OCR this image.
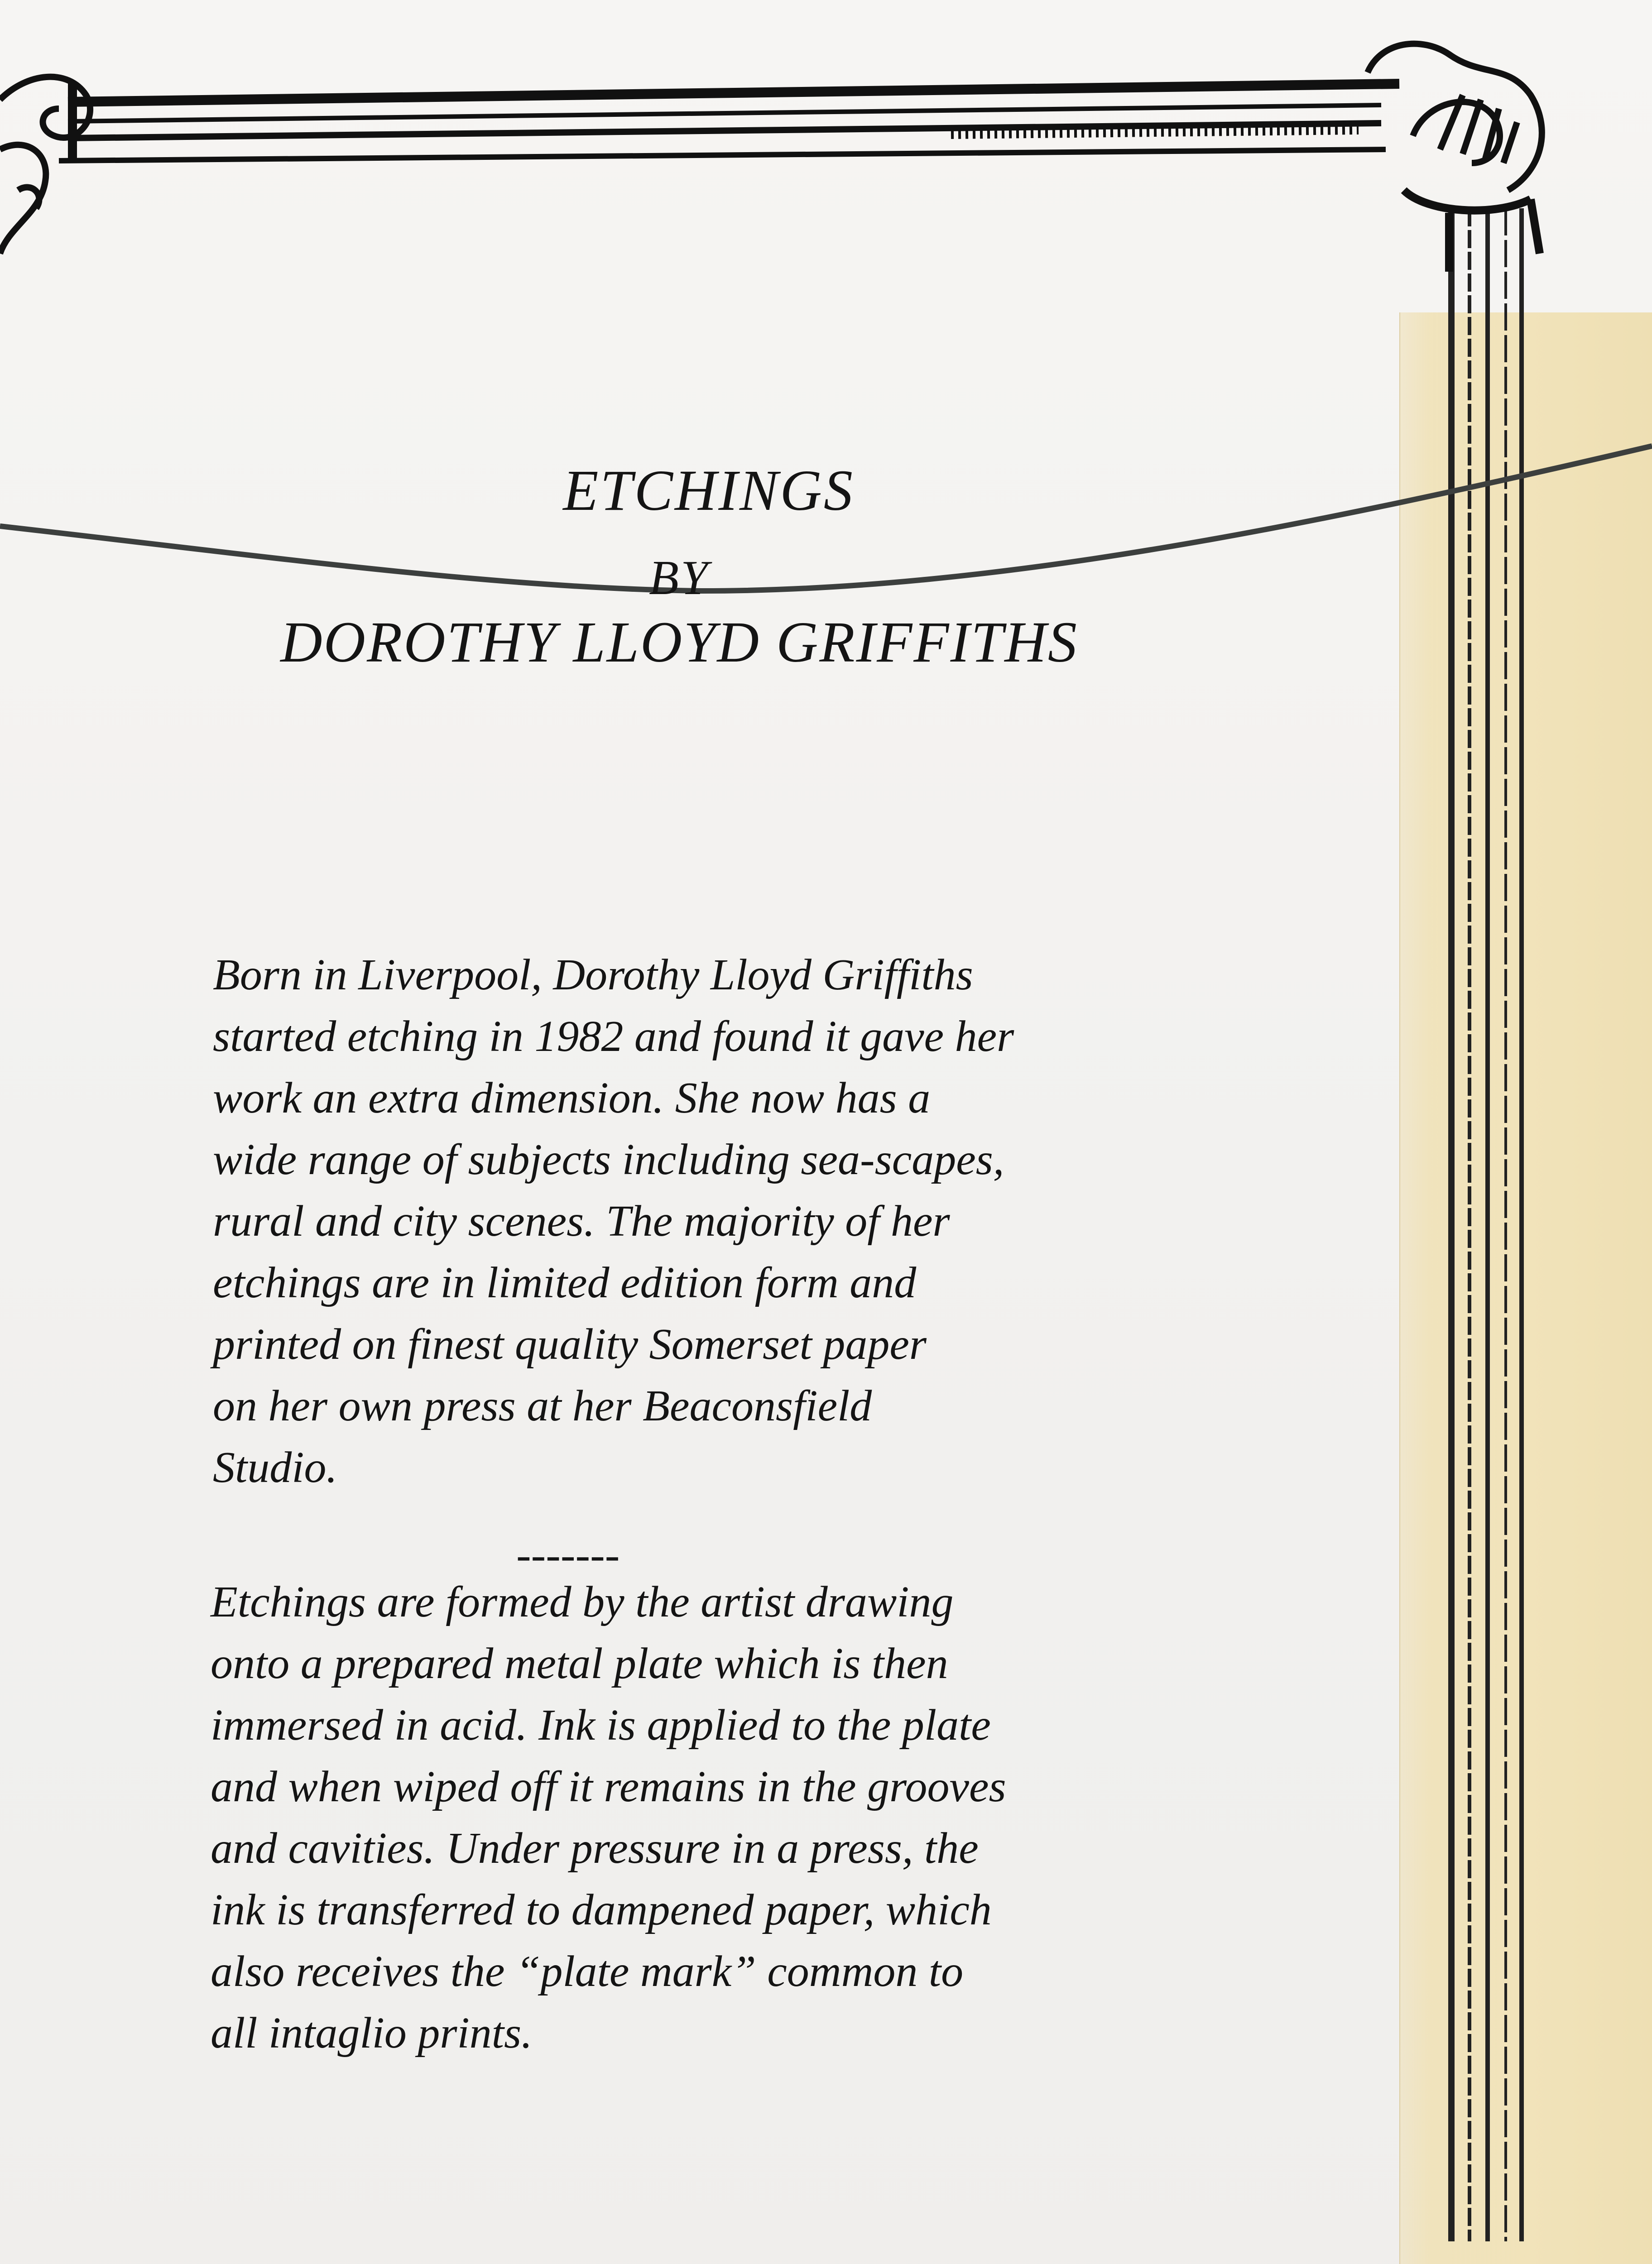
ETCHINGS
BY
DOROTHY LLOYD GRIFFITHS
Born in Liverpool, Dorothy Lloyd Griffiths
started etching in 1982 and found it gave her
work an extra dimension. She now has a
wide range of subjects including sea-scapes,
rural and city scenes. The majority of her
etchings are in limited edition form and
printed on finest quality Somerset paper
on her own press at her Beaconsfield
Studio.
-------
Etchings are formed by the artist drawing
onto a prepared metal plate which is then
immersed in acid. Ink is applied to the plate
and when wiped off it remains in the grooves
and cavities. Under pressure in a press, the
ink is transferred to dampened paper, which
also receives the “plate mark” common to
all intaglio prints.
